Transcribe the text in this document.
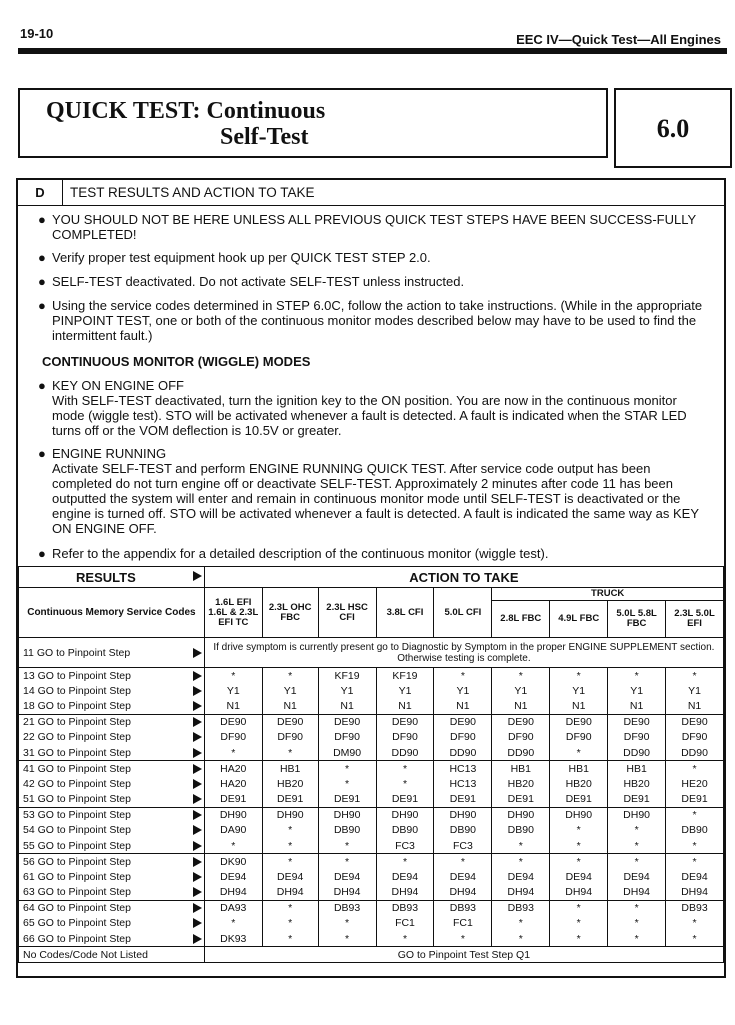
19-10	EEC IV—Quick Test—All Engines
QUICK TEST: Continuous
Self-Test	6.0
D	TEST RESULTS AND ACTION TO TAKE
● YOU SHOULD NOT BE HERE UNLESS ALL PREVIOUS QUICK TEST STEPS HAVE BEEN SUCCESS-FULLY COMPLETED!
● Verify proper test equipment hook up per QUICK TEST STEP 2.0.
● SELF-TEST deactivated. Do not activate SELF-TEST unless instructed.
● Using the service codes determined in STEP 6.0C, follow the action to take instructions. (While in the appropriate PINPOINT TEST, one or both of the continuous monitor modes described below may have to be used to find the intermittent fault.)
CONTINUOUS MONITOR (WIGGLE) MODES
● KEY ON ENGINE OFF
With SELF-TEST deactivated, turn the ignition key to the ON position. You are now in the continuous monitor mode (wiggle test). STO will be activated whenever a fault is detected. A fault is indicated when the STAR LED turns off or the VOM deflection is 10.5V or greater.
● ENGINE RUNNING
Activate SELF-TEST and perform ENGINE RUNNING QUICK TEST. After service code output has been completed do not turn engine off or deactivate SELF-TEST. Approximately 2 minutes after code 11 has been outputted the system will enter and remain in continuous monitor mode until SELF-TEST is deactivated or the engine is turned off. STO will be activated whenever a fault is detected. A fault is indicated the same way as KEY ON ENGINE OFF.
● Refer to the appendix for a detailed description of the continuous monitor (wiggle test).
RESULTS	ACTION TO TAKE								
Continuous Memory Service Codes	1.6L EFI 1.6L & 2.3L EFI TC	2.3L OHC FBC	2.3L HSC CFI	3.8L CFI	5.0L CFI	TRUCK			
						2.8L FBC	4.9L FBC	5.0L 5.8L FBC	2.3L 5.0L EFI
11 GO to Pinpoint Step	If drive symptom is currently present go to Diagnostic by Symptom in the proper ENGINE SUPPLEMENT section. Otherwise testing is complete.								
13 GO to Pinpoint Step	*	*	KF19	KF19	*	*	*	*	*
14 GO to Pinpoint Step	Y1	Y1	Y1	Y1	Y1	Y1	Y1	Y1	Y1
18 GO to Pinpoint Step	N1	N1	N1	N1	N1	N1	N1	N1	N1
21 GO to Pinpoint Step	DE90	DE90	DE90	DE90	DE90	DE90	DE90	DE90	DE90
22 GO to Pinpoint Step	DF90	DF90	DF90	DF90	DF90	DF90	DF90	DF90	DF90
31 GO to Pinpoint Step	*	*	DM90	DD90	DD90	DD90	*	DD90	DD90
41 GO to Pinpoint Step	HA20	HB1	*	*	HC13	HB1	HB1	HB1	*
42 GO to Pinpoint Step	HA20	HB20	*	*	HC13	HB20	HB20	HB20	HE20
51 GO to Pinpoint Step	DE91	DE91	DE91	DE91	DE91	DE91	DE91	DE91	DE91
53 GO to Pinpoint Step	DH90	DH90	DH90	DH90	DH90	DH90	DH90	DH90	*
54 GO to Pinpoint Step	DA90	*	DB90	DB90	DB90	DB90	*	*	DB90
55 GO to Pinpoint Step	*	*	*	FC3	FC3	*	*	*	*
56 GO to Pinpoint Step	DK90	*	*	*	*	*	*	*	*
61 GO to Pinpoint Step	DE94	DE94	DE94	DE94	DE94	DE94	DE94	DE94	DE94
63 GO to Pinpoint Step	DH94	DH94	DH94	DH94	DH94	DH94	DH94	DH94	DH94
64 GO to Pinpoint Step	DA93	*	DB93	DB93	DB93	DB93	*	*	DB93
65 GO to Pinpoint Step	*	*	*	FC1	FC1	*	*	*	*
66 GO to Pinpoint Step	DK93	*	*	*	*	*	*	*	*
No Codes/Code Not Listed	GO to Pinpoint Test Step Q1								
